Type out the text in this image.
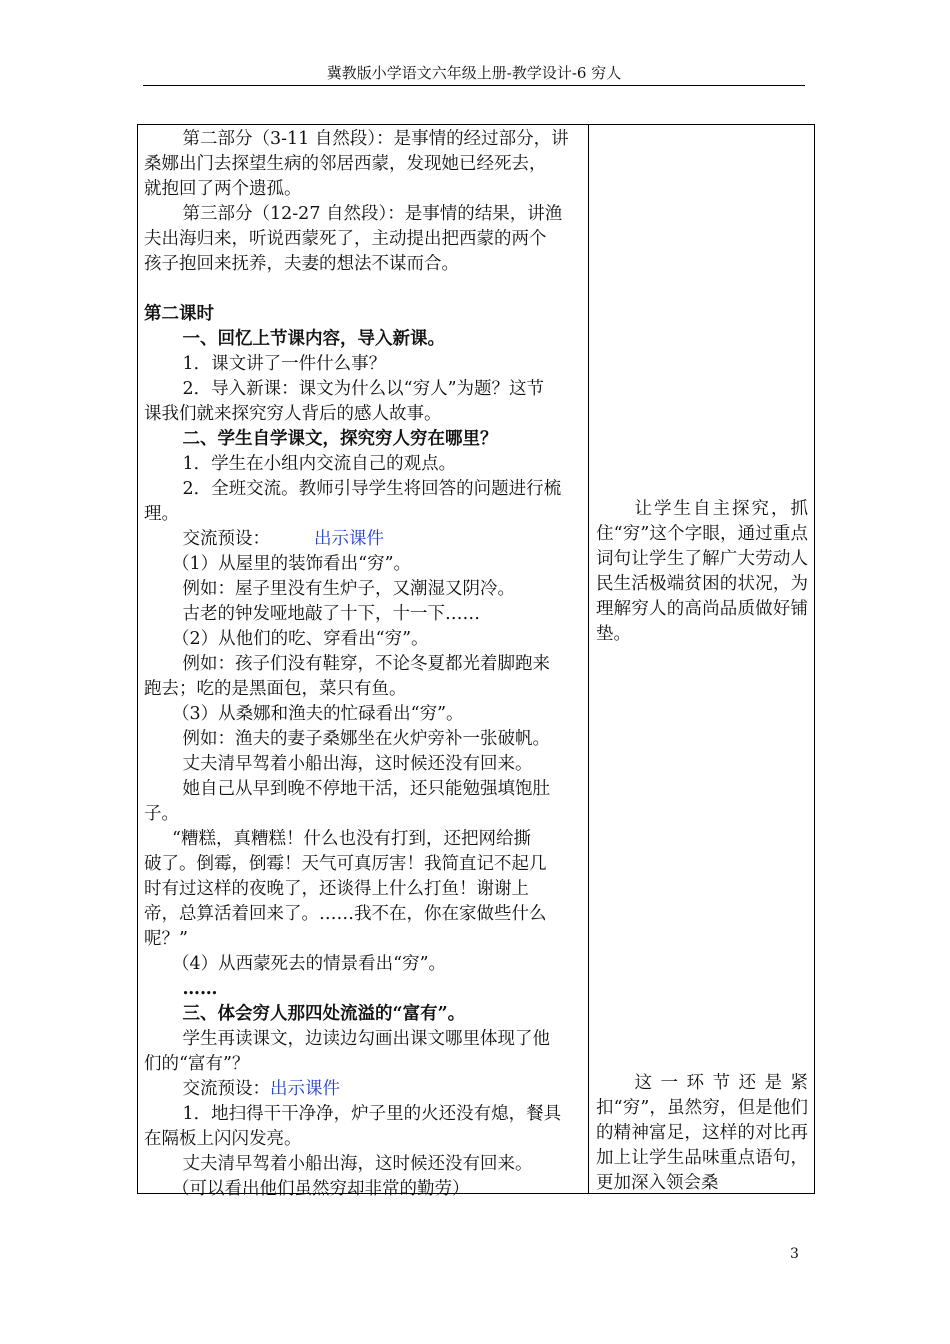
冀教版小学语文六年级上册-教学设计-6 穷人

第二部分（3-11 自然段）：是事情的经过部分，讲

桑娜出门去探望生病的邻居西蒙，发现她已经死去，

就抱回了两个遗孤。

第三部分（12-27 自然段）：是事情的结果，讲渔

夫出海归来，听说西蒙死了，主动提出把西蒙的两个

孩子抱回来抚养，夫妻的想法不谋而合。

第二课时

一、回忆上节课内容，导入新课。

1．课文讲了一件什么事？

2．导入新课：课文为什么以“穷人”为题？这节

课我们就来探究穷人背后的感人故事。

二、学生自学课文，探究穷人穷在哪里？

1．学生在小组内交流自己的观点。

2．全班交流。教师引导学生将回答的问题进行梳

理。

交流预设：	出示课件

（1）从屋里的装饰看出“穷”。

例如：屋子里没有生炉子，又潮湿又阴冷。

古老的钟发哑地敲了十下，十一下……

（2）从他们的吃、穿看出“穷”。

例如：孩子们没有鞋穿，不论冬夏都光着脚跑来

跑去；吃的是黑面包，菜只有鱼。

（3）从桑娜和渔夫的忙碌看出“穷”。

例如：渔夫的妻子桑娜坐在火炉旁补一张破帆。

丈夫清早驾着小船出海，这时候还没有回来。

她自己从早到晚不停地干活，还只能勉强填饱肚

子。

“糟糕，真糟糕！什么也没有打到，还把网给撕

破了。倒霉，倒霉！天气可真厉害！我简直记不起几

时有过这样的夜晚了，还谈得上什么打鱼！谢谢上

帝，总算活着回来了。……我不在，你在家做些什么

呢？”

（4）从西蒙死去的情景看出“穷”。

……

三、体会穷人那四处流溢的“富有”。

学生再读课文，边读边勾画出课文哪里体现了他

们的“富有”？

交流预设：出示课件

1．地扫得干干净净，炉子里的火还没有熄，餐具

在隔板上闪闪发亮。

丈夫清早驾着小船出海，这时候还没有回来。

（可以看出他们虽然穷却非常的勤劳）

让学生自主探究，抓住“穷”这个字眼，通过重点词句让学生了解广大劳动人民生活极端贫困的状况，为理解穷人的高尚品质做好铺垫。

这一环节还是紧扣“穷”，虽然穷，但是他们的精神富足，这样的对比再加上让学生品味重点语句，更加深入领会桑

3
